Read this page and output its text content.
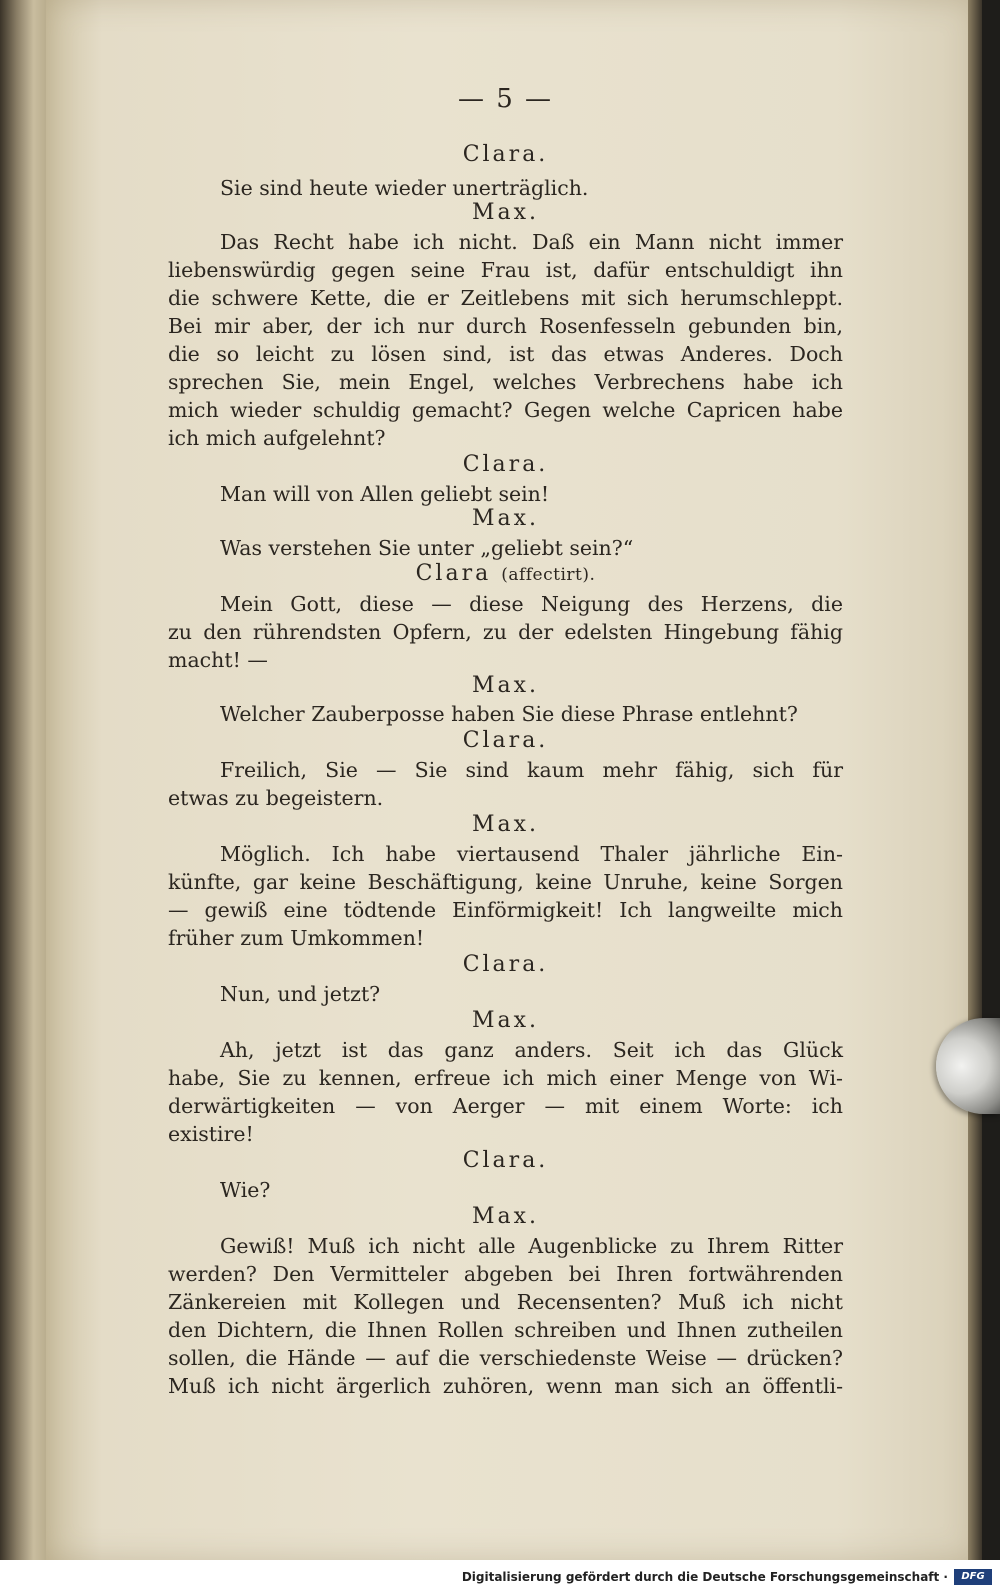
— 5 —
Clara.
Sie sind heute wieder unerträglich.
Max.
Das Recht habe ich nicht. Daß ein Mann nicht immer
liebenswürdig gegen seine Frau ist, dafür entschuldigt ihn
die schwere Kette, die er Zeitlebens mit sich herumschleppt.
Bei mir aber, der ich nur durch Rosenfesseln gebunden bin,
die so leicht zu lösen sind, ist das etwas Anderes. Doch
sprechen Sie, mein Engel, welches Verbrechens habe ich
mich wieder schuldig gemacht? Gegen welche Capricen habe
ich mich aufgelehnt?
Clara.
Man will von Allen geliebt sein!
Max.
Was verstehen Sie unter „geliebt sein?“
Clara (affectirt).
Mein Gott, diese — diese Neigung des Herzens, die
zu den rührendsten Opfern, zu der edelsten Hingebung fähig
macht! —
Max.
Welcher Zauberposse haben Sie diese Phrase entlehnt?
Clara.
Freilich, Sie — Sie sind kaum mehr fähig, sich für
etwas zu begeistern.
Max.
Möglich. Ich habe viertausend Thaler jährliche Ein-
künfte, gar keine Beschäftigung, keine Unruhe, keine Sorgen
— gewiß eine tödtende Einförmigkeit! Ich langweilte mich
früher zum Umkommen!
Clara.
Nun, und jetzt?
Max.
Ah, jetzt ist das ganz anders. Seit ich das Glück
habe, Sie zu kennen, erfreue ich mich einer Menge von Wi-
derwärtigkeiten — von Aerger — mit einem Worte: ich
existire!
Clara.
Wie?
Max.
Gewiß! Muß ich nicht alle Augenblicke zu Ihrem Ritter
werden? Den Vermitteler abgeben bei Ihren fortwährenden
Zänkereien mit Kollegen und Recensenten? Muß ich nicht
den Dichtern, die Ihnen Rollen schreiben und Ihnen zutheilen
sollen, die Hände — auf die verschiedenste Weise — drücken?
Muß ich nicht ärgerlich zuhören, wenn man sich an öffentli-
Digitalisierung gefördert durch die Deutsche Forschungsgemeinschaft ·	DFG
